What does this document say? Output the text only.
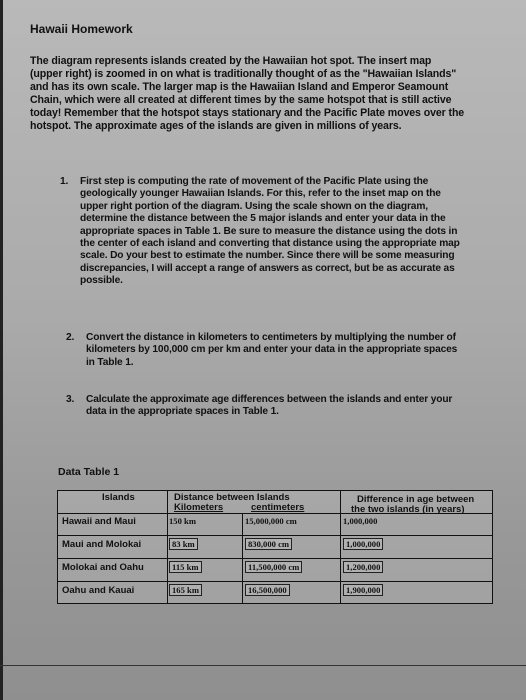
Hawaii Homework
The diagram represents islands created by the Hawaiian hot spot. The insert map
(upper right) is zoomed in on what is traditionally thought of as the "Hawaiian Islands"
and has its own scale. The larger map is the Hawaiian Island and Emperor Seamount
Chain, which were all created at different times by the same hotspot that is still active
today! Remember that the hotspot stays stationary and the Pacific Plate moves over the
hotspot. The approximate ages of the islands are given in millions of years.
1. First step is computing the rate of movement of the Pacific Plate using the
geologically younger Hawaiian Islands. For this, refer to the inset map on the
upper right portion of the diagram. Using the scale shown on the diagram,
determine the distance between the 5 major islands and enter your data in the
appropriate spaces in Table 1. Be sure to measure the distance using the dots in
the center of each island and converting that distance using the appropriate map
scale. Do your best to estimate the number. Since there will be some measuring
discrepancies, I will accept a range of answers as correct, but be as accurate as
possible.
2. Convert the distance in kilometers to centimeters by multiplying the number of
kilometers by 100,000 cm per km and enter your data in the appropriate spaces
in Table 1.
3. Calculate the approximate age differences between the islands and enter your
data in the appropriate spaces in Table 1.
Data Table 1
Islands	Distance between Islands
Kilometers	centimeters
Difference in age between
the two islands (in years)
Hawaii and Maui	150 km	15,000,000 cm	1,000,000
Maui and Molokai	83 km	830,000 cm	1,000,000
Molokai and Oahu	115 km	11,500,000 cm	1,200,000
Oahu and Kauai	165 km	16,500,000	1,900,000
